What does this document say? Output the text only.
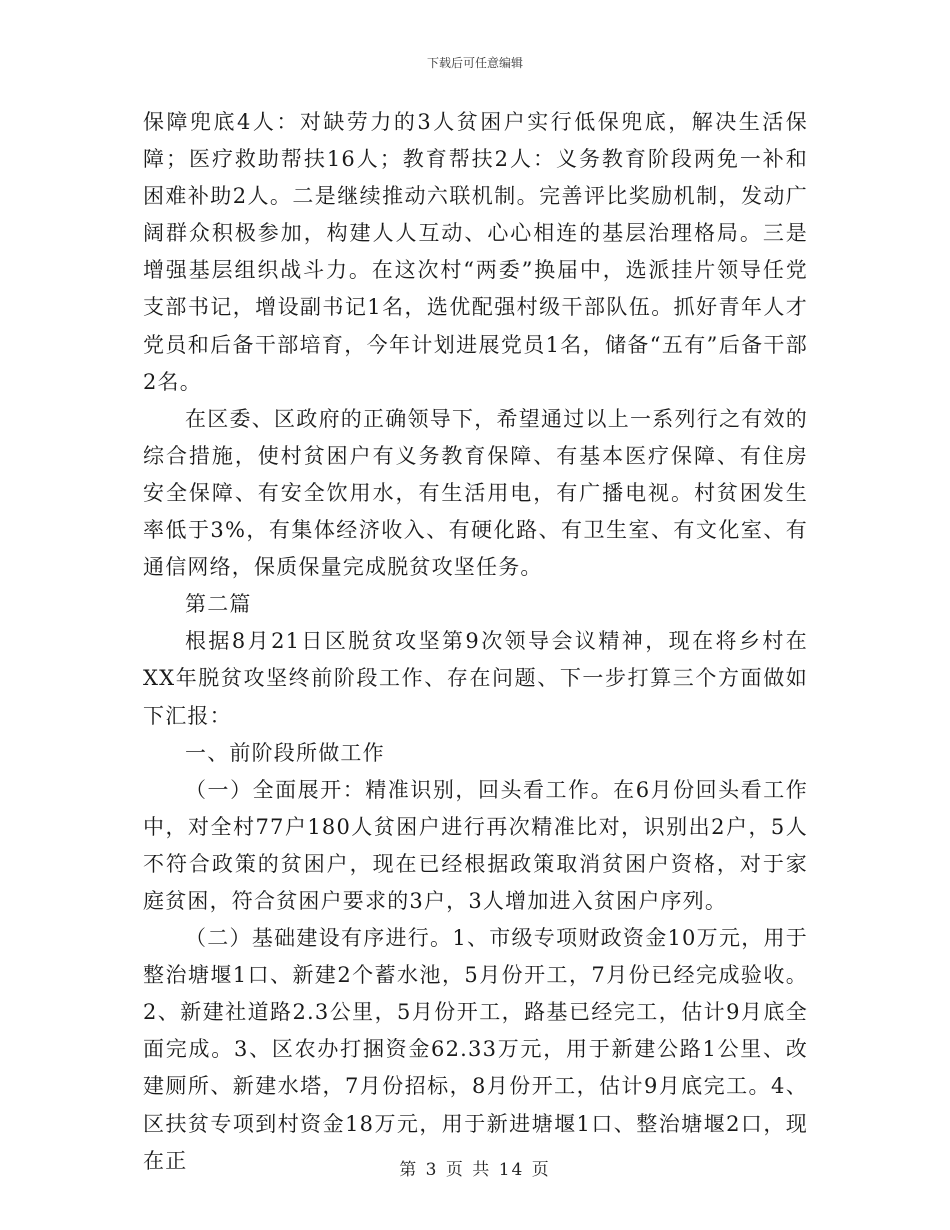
下载后可任意编辑

保障兜底4人：对缺劳力的3人贫困户实行低保兜底，解决生活保障；医疗救助帮扶16人；教育帮扶2人：义务教育阶段两免一补和困难补助2人。二是继续推动六联机制。完善评比奖励机制，发动广阔群众积极参加，构建人人互动、心心相连的基层治理格局。三是增强基层组织战斗力。在这次村“两委”换届中，选派挂片领导任党支部书记，增设副书记1名，选优配强村级干部队伍。抓好青年人才党员和后备干部培育，今年计划进展党员1名，储备“五有”后备干部2名。

在区委、区政府的正确领导下，希望通过以上一系列行之有效的综合措施，使村贫困户有义务教育保障、有基本医疗保障、有住房安全保障、有安全饮用水，有生活用电，有广播电视。村贫困发生率低于3%，有集体经济收入、有硬化路、有卫生室、有文化室、有通信网络，保质保量完成脱贫攻坚任务。

第二篇

根据8月21日区脱贫攻坚第9次领导会议精神，现在将乡村在XX年脱贫攻坚终前阶段工作、存在问题、下一步打算三个方面做如下汇报：

一、前阶段所做工作

（一）全面展开：精准识别，回头看工作。在6月份回头看工作中，对全村77户180人贫困户进行再次精准比对，识别出2户，5人不符合政策的贫困户，现在已经根据政策取消贫困户资格，对于家庭贫困，符合贫困户要求的3户，3人增加进入贫困户序列。

（二）基础建设有序进行。1、市级专项财政资金10万元，用于整治塘堰1口、新建2个蓄水池，5月份开工，7月份已经完成验收。2、新建社道路2.3公里，5月份开工，路基已经完工，估计9月底全面完成。3、区农办打捆资金62.33万元，用于新建公路1公里、改建厕所、新建水塔，7月份招标，8月份开工，估计9月底完工。4、区扶贫专项到村资金18万元，用于新进塘堰1口、整治塘堰2口，现在正	第 3 页 共 14 页
